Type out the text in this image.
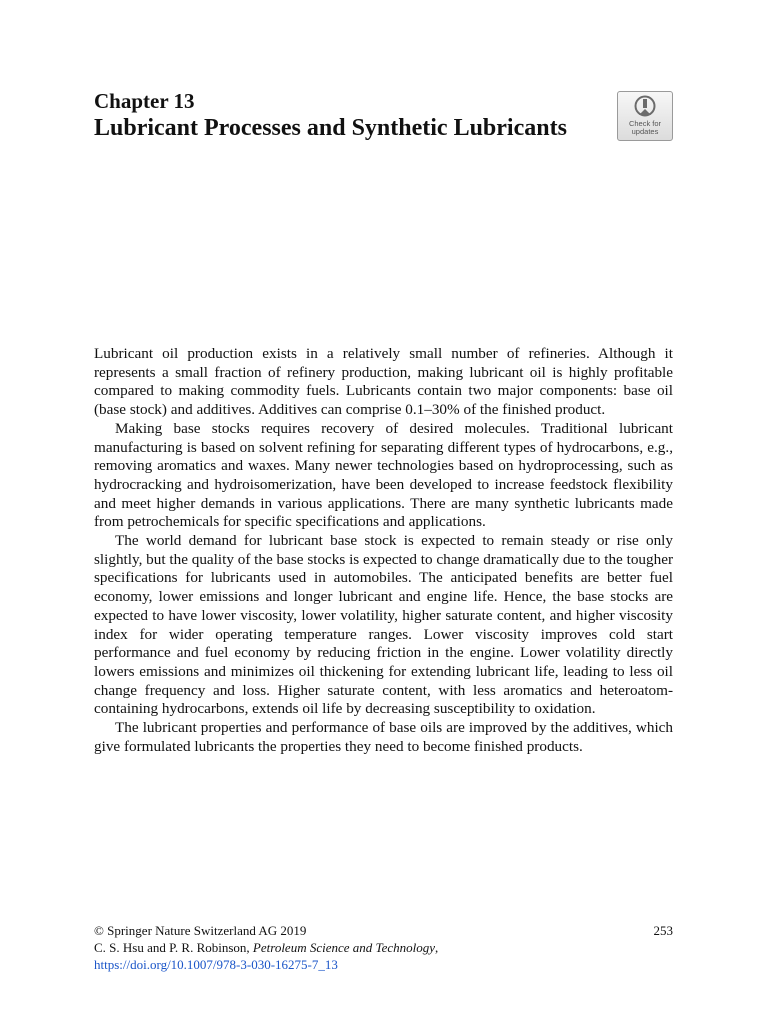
Chapter 13
Lubricant Processes and Synthetic Lubricants	Check for updates

Lubricant oil production exists in a relatively small number of refineries. Although it represents a small fraction of refinery production, making lubricant oil is highly profitable compared to making commodity fuels. Lubricants contain two major components: base oil (base stock) and additives. Additives can comprise 0.1–30% of the finished product.

Making base stocks requires recovery of desired molecules. Traditional lubricant manufacturing is based on solvent refining for separating different types of hydrocarbons, e.g., removing aromatics and waxes. Many newer technologies based on hydroprocessing, such as hydrocracking and hydroisomerization, have been developed to increase feedstock flexibility and meet higher demands in various applications. There are many synthetic lubricants made from petrochemicals for specific specifications and applications.

The world demand for lubricant base stock is expected to remain steady or rise only slightly, but the quality of the base stocks is expected to change dramatically due to the tougher specifications for lubricants used in automobiles. The anticipated benefits are better fuel economy, lower emissions and longer lubricant and engine life. Hence, the base stocks are expected to have lower viscosity, lower volatility, higher saturate content, and higher viscosity index for wider operating temperature ranges. Lower viscosity improves cold start performance and fuel economy by reducing friction in the engine. Lower volatility directly lowers emissions and minimizes oil thickening for extending lubricant life, leading to less oil change frequency and loss. Higher saturate content, with less aromatics and heteroatom-containing hydrocarbons, extends oil life by decreasing susceptibility to oxidation.

The lubricant properties and performance of base oils are improved by the additives, which give formulated lubricants the properties they need to become finished products.

© Springer Nature Switzerland AG 2019	253
C. S. Hsu and P. R. Robinson, Petroleum Science and Technology,
https://doi.org/10.1007/978-3-030-16275-7_13
